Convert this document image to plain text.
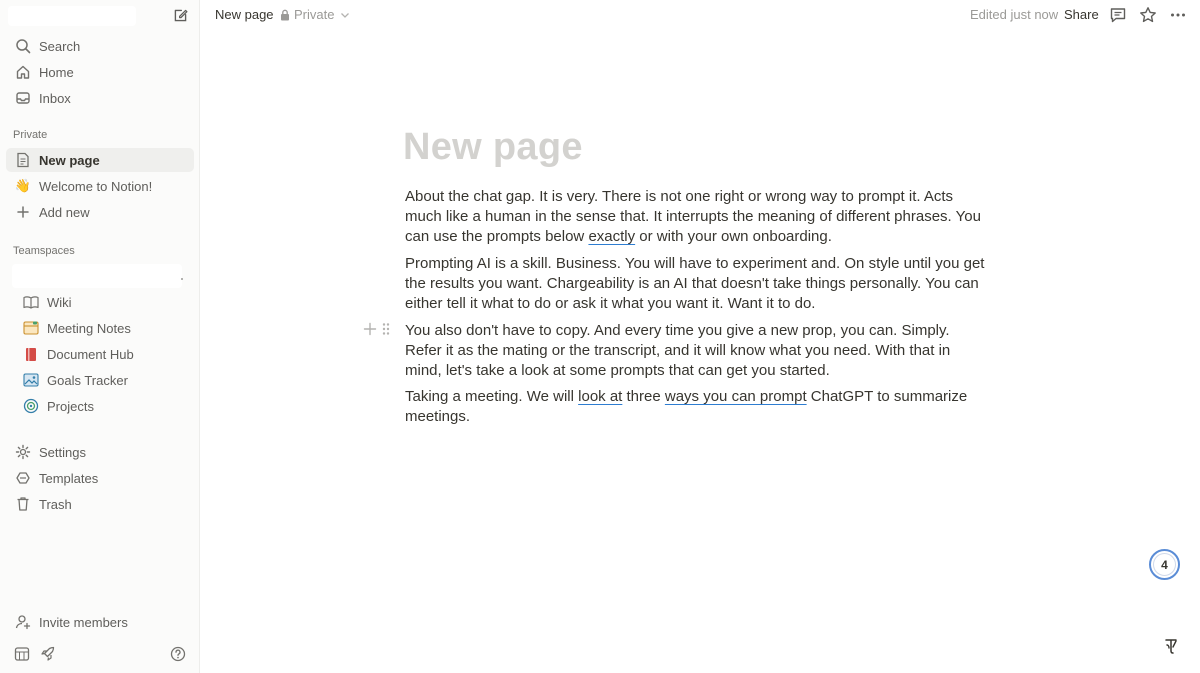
Search
Home
Inbox
Private
New page
👋 Welcome to Notion!
Add new
Teamspaces
Wiki
Meeting Notes
Document Hub
Goals Tracker
Projects
Settings
Templates
Trash
Invite members
New page Private	Edited just now Share
New page

About the chat gap. It is very. There is not one right or wrong way to prompt it. Acts much like a human in the sense that. It interrupts the meaning of different phrases. You can use the prompts below exactly or with your own onboarding.

Prompting AI is a skill. Business. You will have to experiment and. On style until you get the results you want. Chargeability is an AI that doesn't take things personally. You can either tell it what to do or ask it what you want it. Want it to do.

You also don't have to copy. And every time you give a new prop, you can. Simply. Refer it as the mating or the transcript, and it will know what you need. With that in mind, let's take a look at some prompts that can get you started.

Taking a meeting. We will look at three ways you can prompt ChatGPT to summarize meetings.

4
